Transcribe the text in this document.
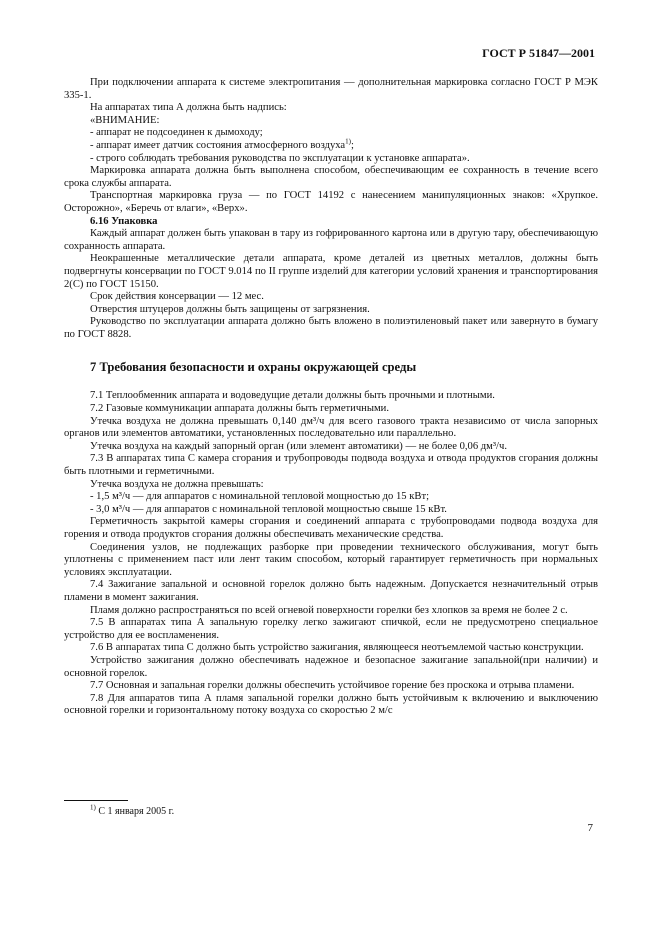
ГОСТ Р 51847—2001

При подключении аппарата к системе электропитания — дополнительная маркировка согласно ГОСТ Р МЭК 335-1.

На аппаратах типа А должна быть надпись:

«ВНИМАНИЕ:

- аппарат не подсоединен к дымоходу;

- аппарат имеет датчик состояния атмосферного воздуха$^{1)}$;

- строго соблюдать требования руководства по эксплуатации к установке аппарата».

Маркировка аппарата должна быть выполнена способом, обеспечивающим ее сохранность в течение всего срока службы аппарата.

Транспортная маркировка груза — по ГОСТ 14192 с нанесением манипуляционных знаков: «Хрупкое. Осторожно», «Беречь от влаги», «Верх».

6.16 Упаковка

Каждый аппарат должен быть упакован в тару из гофрированного картона или в другую тару, обеспечивающую сохранность аппарата.

Неокрашенные металлические детали аппарата, кроме деталей из цветных металлов, должны быть подвергнуты консервации по ГОСТ 9.014 по II группе изделий для категории условий хранения и транспортирования 2(С) по ГОСТ 15150.

Срок действия консервации — 12 мес.

Отверстия штуцеров должны быть защищены от загрязнения.

Руководство по эксплуатации аппарата должно быть вложено в полиэтиленовый пакет или завернуто в бумагу по ГОСТ 8828.

7 Требования безопасности и охраны окружающей среды

7.1 Теплообменник аппарата и водоведущие детали должны быть прочными и плотными.

7.2 Газовые коммуникации аппарата должны быть герметичными.

Утечка воздуха не должна превышать 0,140 дм³/ч для всего газового тракта независимо от числа запорных органов или элементов автоматики, установленных последовательно или параллельно.

Утечка воздуха на каждый запорный орган (или элемент автоматики) — не более 0,06 дм³/ч.

7.3 В аппаратах типа С камера сгорания и трубопроводы подвода воздуха и отвода продуктов сгорания должны быть плотными и герметичными.

Утечка воздуха не должна превышать:

- 1,5 м³/ч — для аппаратов с номинальной тепловой мощностью до 15 кВт;

- 3,0 м³/ч — для аппаратов с номинальной тепловой мощностью свыше 15 кВт.

Герметичность закрытой камеры сгорания и соединений аппарата с трубопроводами подвода воздуха для горения и отвода продуктов сгорания должны обеспечивать механические средства.

Соединения узлов, не подлежащих разборке при проведении технического обслуживания, могут быть уплотнены с применением паст или лент таким способом, который гарантирует герметичность при нормальных условиях эксплуатации.

7.4 Зажигание запальной и основной горелок должно быть надежным. Допускается незначительный отрыв пламени в момент зажигания.

Пламя должно распространяться по всей огневой поверхности горелки без хлопков за время не более 2 с.

7.5 В аппаратах типа А запальную горелку легко зажигают спичкой, если не предусмотрено специальное устройство для ее воспламенения.

7.6 В аппаратах типа С должно быть устройство зажигания, являющееся неотъемлемой частью конструкции.

Устройство зажигания должно обеспечивать надежное и безопасное зажигание запальной(при наличии) и основной горелок.

7.7 Основная и запальная горелки должны обеспечить устойчивое горение без проскока и отрыва пламени.

7.8 Для аппаратов типа А пламя запальной горелки должно быть устойчивым к включению и выключению основной горелки и горизонтальному потоку воздуха со скоростью 2 м/с

$^{1)}$ С 1 января 2005 г.
7
